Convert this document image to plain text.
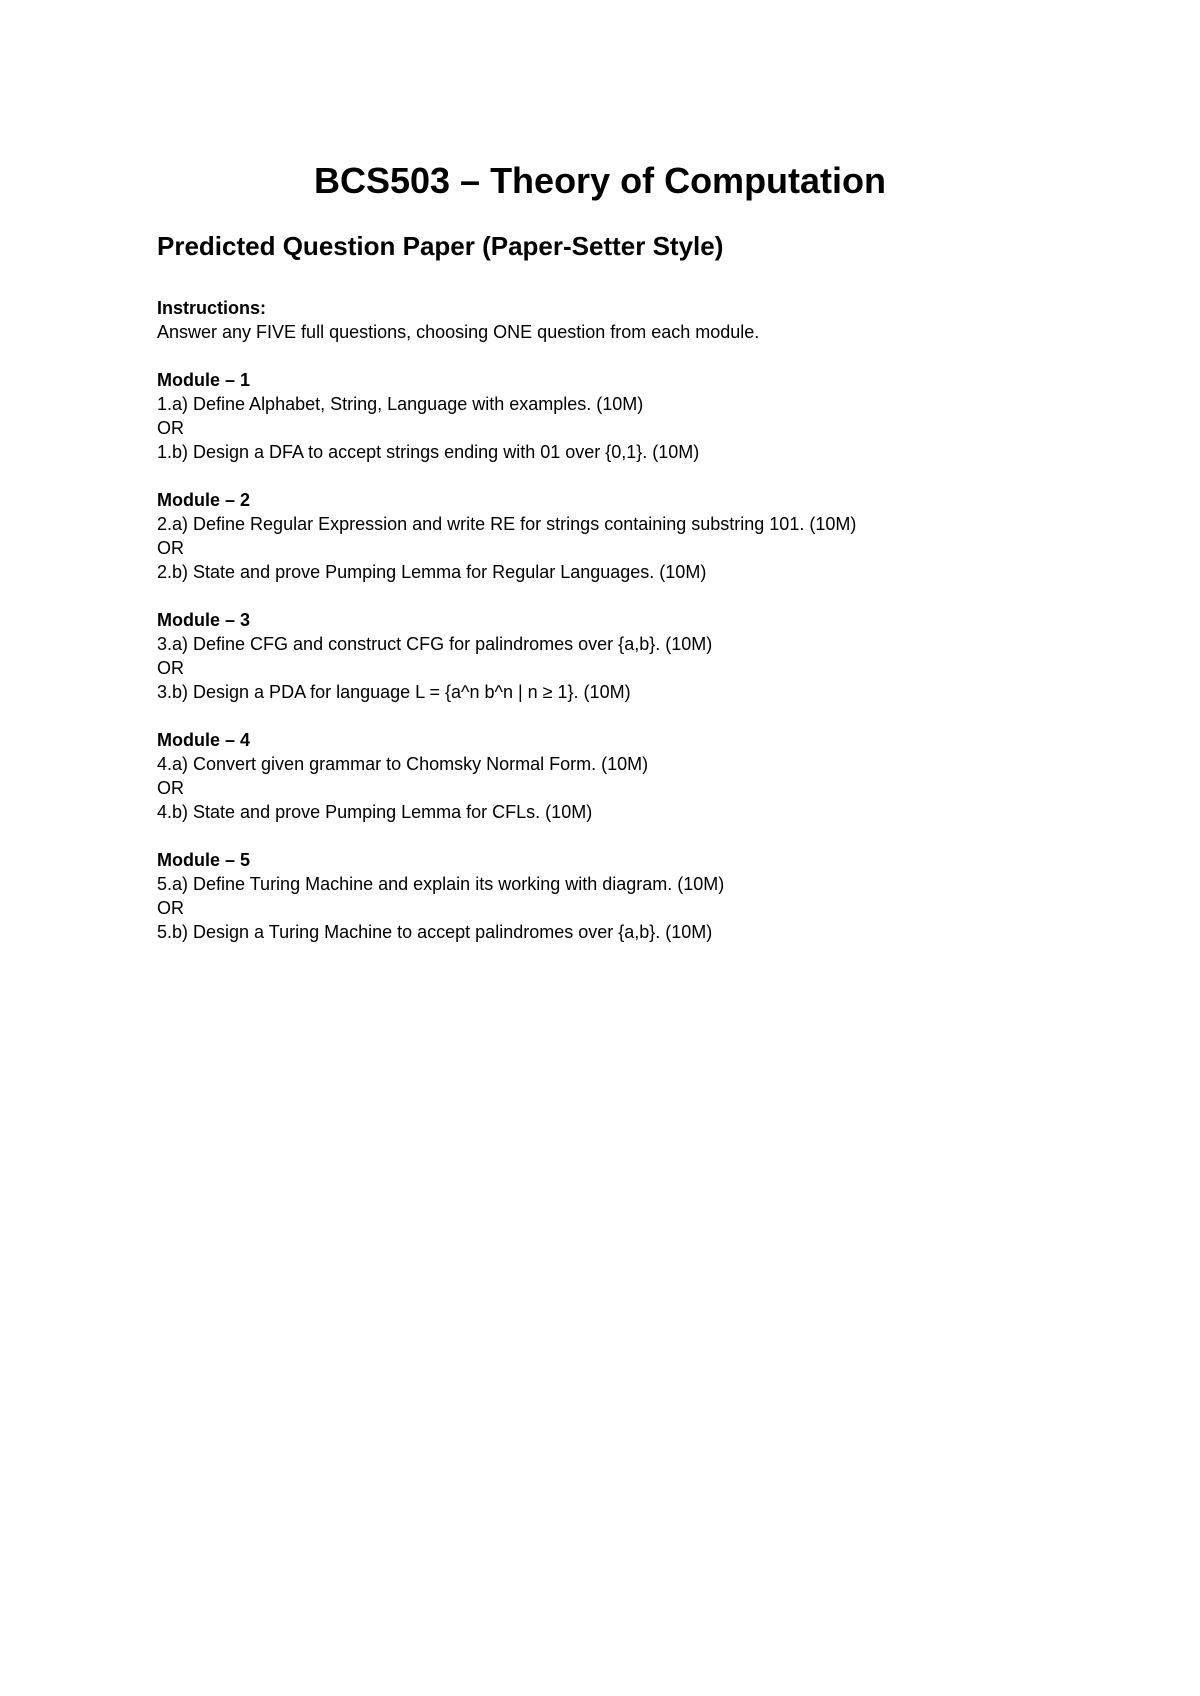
BCS503 – Theory of Computation
Predicted Question Paper (Paper-Setter Style)

Instructions:

Answer any FIVE full questions, choosing ONE question from each module.

Module – 1

1.a) Define Alphabet, String, Language with examples. (10M)

OR

1.b) Design a DFA to accept strings ending with 01 over {0,1}. (10M)

Module – 2

2.a) Define Regular Expression and write RE for strings containing substring 101. (10M)

OR

2.b) State and prove Pumping Lemma for Regular Languages. (10M)

Module – 3

3.a) Define CFG and construct CFG for palindromes over {a,b}. (10M)

OR

3.b) Design a PDA for language L = {a^n b^n | n ≥ 1}. (10M)

Module – 4

4.a) Convert given grammar to Chomsky Normal Form. (10M)

OR

4.b) State and prove Pumping Lemma for CFLs. (10M)

Module – 5

5.a) Define Turing Machine and explain its working with diagram. (10M)

OR

5.b) Design a Turing Machine to accept palindromes over {a,b}. (10M)
